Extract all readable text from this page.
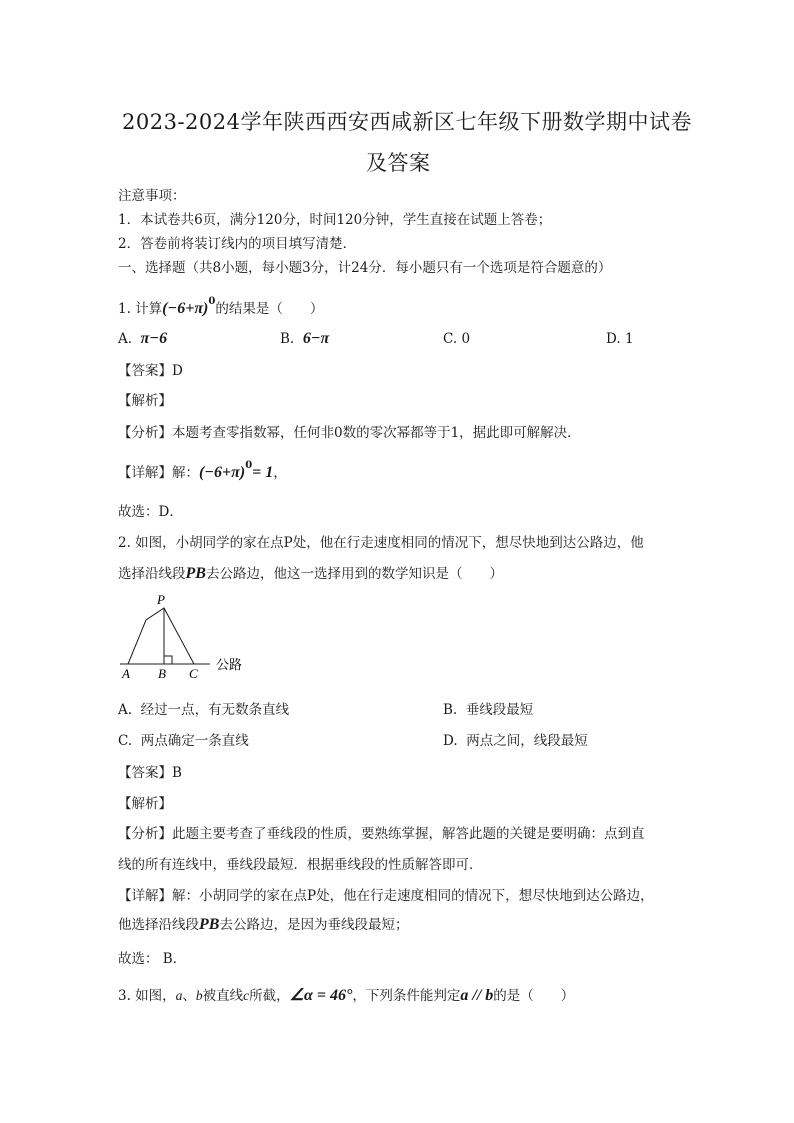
2023-2024学年陕西西安西咸新区七年级下册数学期中试卷
及答案
注意事项：
1．本试卷共6页，满分120分，时间120分钟，学生直接在试题上答卷；
2．答卷前将装订线内的项目填写清楚．
一、选择题（共8小题，每小题3分，计24分．每小题只有一个选项是符合题意的）
1. 计算$(-6+\pi)^0$的结果是（　　）
A. π−6	B. 6−π	C. 0	D. 1
【答案】D
【解析】
【分析】本题考查零指数幂，任何非0数的零次幂都等于1，据此即可解解决．
【详解】解：$(-6+\pi)^0= 1$，
故选：D．
2. 如图，小胡同学的家在点P处，他在行走速度相同的情况下，想尽快地到达公路边，他
选择沿线段PB去公路边，他这一选择用到的数学知识是（　　）
P
A B C
公路
A. 经过一点，有无数条直线	B. 垂线段最短
C. 两点确定一条直线	D. 两点之间，线段最短
【答案】B
【解析】
【分析】此题主要考查了垂线段的性质，要熟练掌握，解答此题的关键是要明确：点到直
线的所有连线中，垂线段最短．根据垂线段的性质解答即可．
【详解】解：小胡同学的家在点P处，他在行走速度相同的情况下，想尽快地到达公路边，
他选择沿线段PB去公路边，是因为垂线段最短；
故选： B．
3. 如图，a、b被直线c所截，∠α = 46°，下列条件能判定a // b的是（　　）
